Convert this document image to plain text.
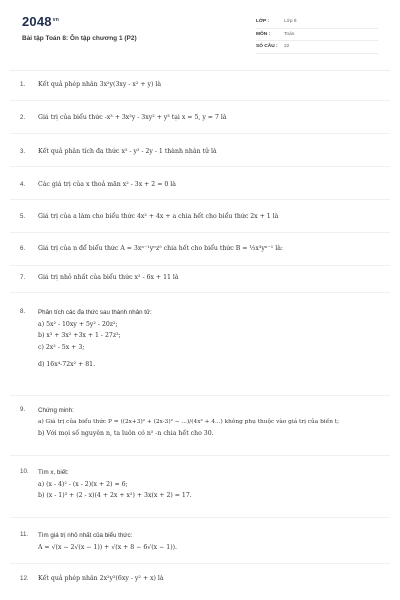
$2048^{vn}$
Bài tập Toán 8: Ôn tập chương 1 (P2)
LỚP :	Lớp 8
MÔN :	Toán
SỐ CÂU :	22
1. Kết quả phép nhân 3x²y(3xy - x² + y) là
2. Giá trị của biểu thức -x³ + 3x²y - 3xy² + y³ tại x = 5, y = 7 là
3. Kết quả phân tích đa thức x² - y² - 2y - 1 thành nhân tử là
4. Các giá trị của x thoả mãn x² - 3x + 2 = 0 là
5. Giá trị của a làm cho biểu thức 4x² + 4x + a chia hết cho biểu thức 2x + 1 là
6. Giá trị của n để biểu thức A = 3xⁿ⁻¹yⁿz⁵ chia hết cho biểu thức B = ⅓x³yⁿ⁻¹ là:
7. Giá trị nhỏ nhất của biểu thức x² - 6x + 11 là
8. Phân tích các đa thức sau thành nhân tử:
a) 5x² - 10xy + 5y² - 20z²;
b) x³ + 3x² +3x + 1 - 27z³;
c) 2x² - 5x + 3;
d) 16x⁴-72x² + 81.
9. Chứng minh:
a) Giá trị của biểu thức P = ((2x+3)² + (2x-3)² − ...)/(4x² + 4...) không phụ thuộc vào giá trị của biến t;
b) Với mọi số nguyên n, ta luôn có n⁵ -n chia hết cho 30.
10. Tìm x, biết:
a) (x - 4)² - (x - 2)(x + 2) = 6;
b) (x - 1)³ + (2 - x)(4 + 2x + x²) + 3x(x + 2) = 17.
11. Tìm giá trị nhỏ nhất của biểu thức:
A = √(x − 2√(x − 1)) + √(x + 8 − 6√(x − 1)).
12. Kết quả phép nhân 2x²y³(6xy - y² + x) là
